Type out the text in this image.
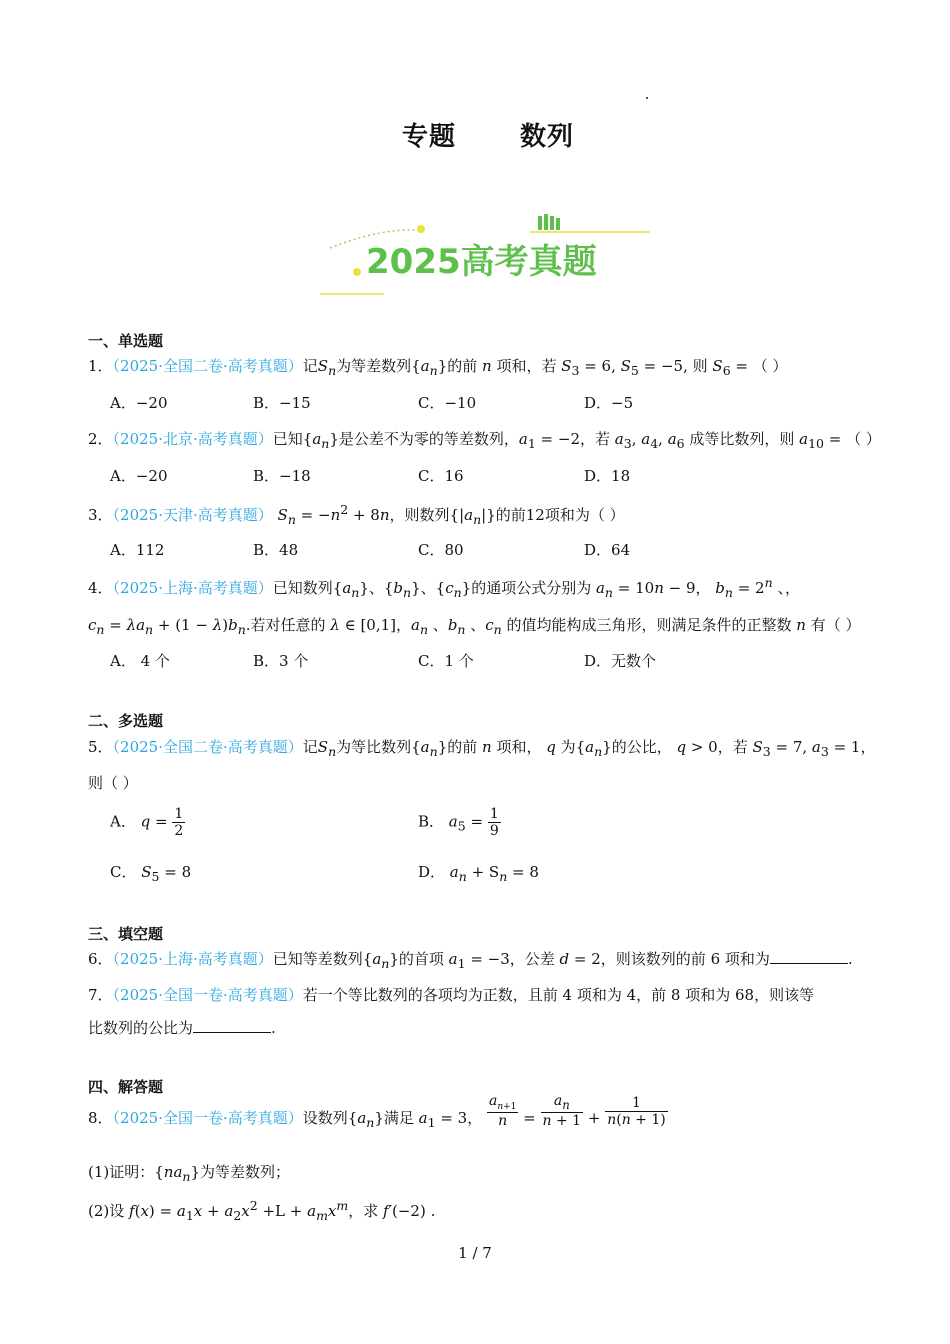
专题 数列
2025高考真题
一、单选题
1．（2025·全国二卷·高考真题）记$S_n$为等差数列$\{a_n\}$的前 n 项和，若 $S_3 = 6$, $S_5 = -5$, 则 $S_6$ = （ ）
A．−20	B．−15	C．−10	D．−5
2．（2025·北京·高考真题）已知$\{a_n\}$是公差不为零的等差数列，$a_1 = -2$，若 $a_3$, $a_4$, $a_6$ 成等比数列，则 $a_{10}$ = （ ）
A．−20	B．−18	C．16	D．18
3．（2025·天津·高考真题） $S_n = -n^2 + 8n$，则数列$\{|a_n|\}$的前12项和为（ ）
A．112	B．48	C．80	D．64
4．（2025·上海·高考真题）已知数列$\{a_n\}$、$\{b_n\}$、$\{c_n\}$的通项公式分别为 $a_n = 10n - 9$， $b_n = 2^n$ 、，
$c_n = \lambda a_n + (1 - \lambda)b_n$.若对任意的 λ ∈ [0,1]，$a_n$ 、$b_n$ 、$c_n$ 的值均能构成三角形，则满足条件的正整数 n 有（ ）
A． 4 个	B．3 个	C．1 个	D．无数个
二、多选题
5．（2025·全国二卷·高考真题）记$S_n$为等比数列$\{a_n\}$的前 n 项和， q 为$\{a_n\}$的公比， q > 0，若 $S_3 = 7$, $a_3 = 1$，
则（ ）
A． $q = \frac{1}{2}$	B． $a_5 = \frac{1}{9}$
C． $S_5 = 8$	D． $a_n + S_n = 8$
三、填空题
6．（2025·上海·高考真题）已知等差数列$\{a_n\}$的首项 $a_1 = -3$，公差 d = 2，则该数列的前 6 项和为	.
7．（2025·全国一卷·高考真题）若一个等比数列的各项均为正数，且前 4 项和为 4，前 8 项和为 68，则该等
比数列的公比为	.
四、解答题
8．（2025·全国一卷·高考真题）设数列$\{a_n\}$满足 $a_1 = 3$， $\frac{a_{n+1}}{n} = \frac{a_n}{n + 1} + \frac{1}{n(n + 1)}$
(1)证明：$\{na_n\}$为等差数列；
(2)设 $f(x) = a_1x + a_2x^2 +L + a_mx^m$，求 f′(−2) .
1 / 7
